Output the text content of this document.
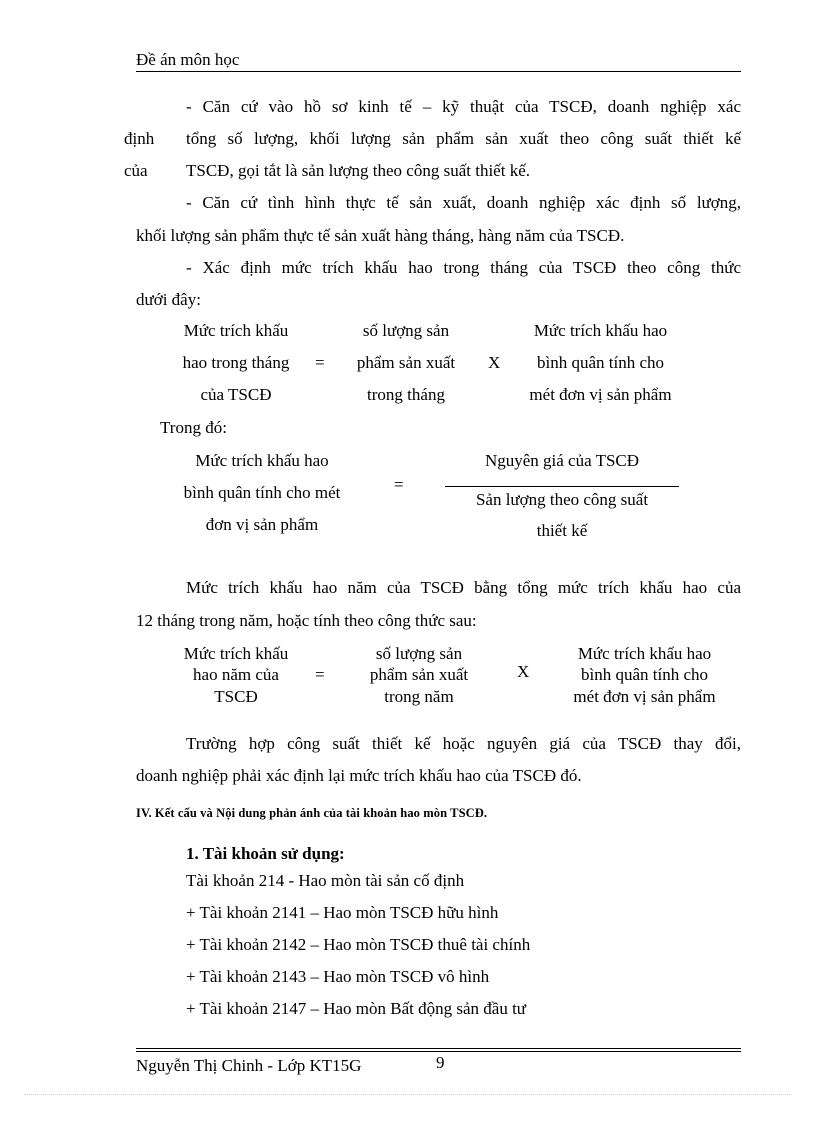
Đề án môn học
- Căn cứ vào hồ sơ kinh tế – kỹ thuật của TSCĐ, doanh nghiệp xác
định tổng số lượng, khối lượng sản phẩm sản xuất theo công suất thiết kế
của TSCĐ, gọi tắt là sản lượng theo công suất thiết kế.
- Căn cứ tình hình thực tế sản xuất, doanh nghiệp xác định số lượng,
khối lượng sản phẩm thực tế sản xuất hàng tháng, hàng năm của TSCĐ.
- Xác định mức trích khấu hao trong tháng của TSCĐ theo công thức
dưới đây:
Mức trích khấu
hao trong tháng
của TSCĐ
=
số lượng sản
phẩm sản xuất
trong tháng
X
Mức trích khấu hao
bình quân tính cho
mét đơn vị sản phẩm
Trong đó:
Mức trích khấu hao
bình quân tính cho mét
đơn vị sản phẩm
=
Nguyên giá của TSCĐ
Sản lượng theo công suất
thiết kế
Mức trích khấu hao năm của TSCĐ bằng tổng mức trích khấu hao của
12 tháng trong năm, hoặc tính theo công thức sau:
Mức trích khấu
hao năm của
TSCĐ
=
số lượng sản
phẩm sản xuất
trong năm
X
Mức trích khấu hao
bình quân tính cho
mét đơn vị sản phẩm
Trường hợp công suất thiết kế hoặc nguyên giá của TSCĐ thay đổi,
doanh nghiệp phải xác định lại mức trích khấu hao của TSCĐ đó.
IV. Kết cấu và Nội dung phản ánh của tài khoản hao mòn TSCĐ.
1. Tài khoản sử dụng:
Tài khoản 214 - Hao mòn tài sản cố định
+ Tài khoản 2141 – Hao mòn TSCĐ hữu hình
+ Tài khoản 2142 – Hao mòn TSCĐ thuê tài chính
+ Tài khoản 2143 – Hao mòn TSCĐ vô hình
+ Tài khoản 2147 – Hao mòn Bất động sản đầu tư
Nguyễn Thị Chinh - Lớp KT15G	9
